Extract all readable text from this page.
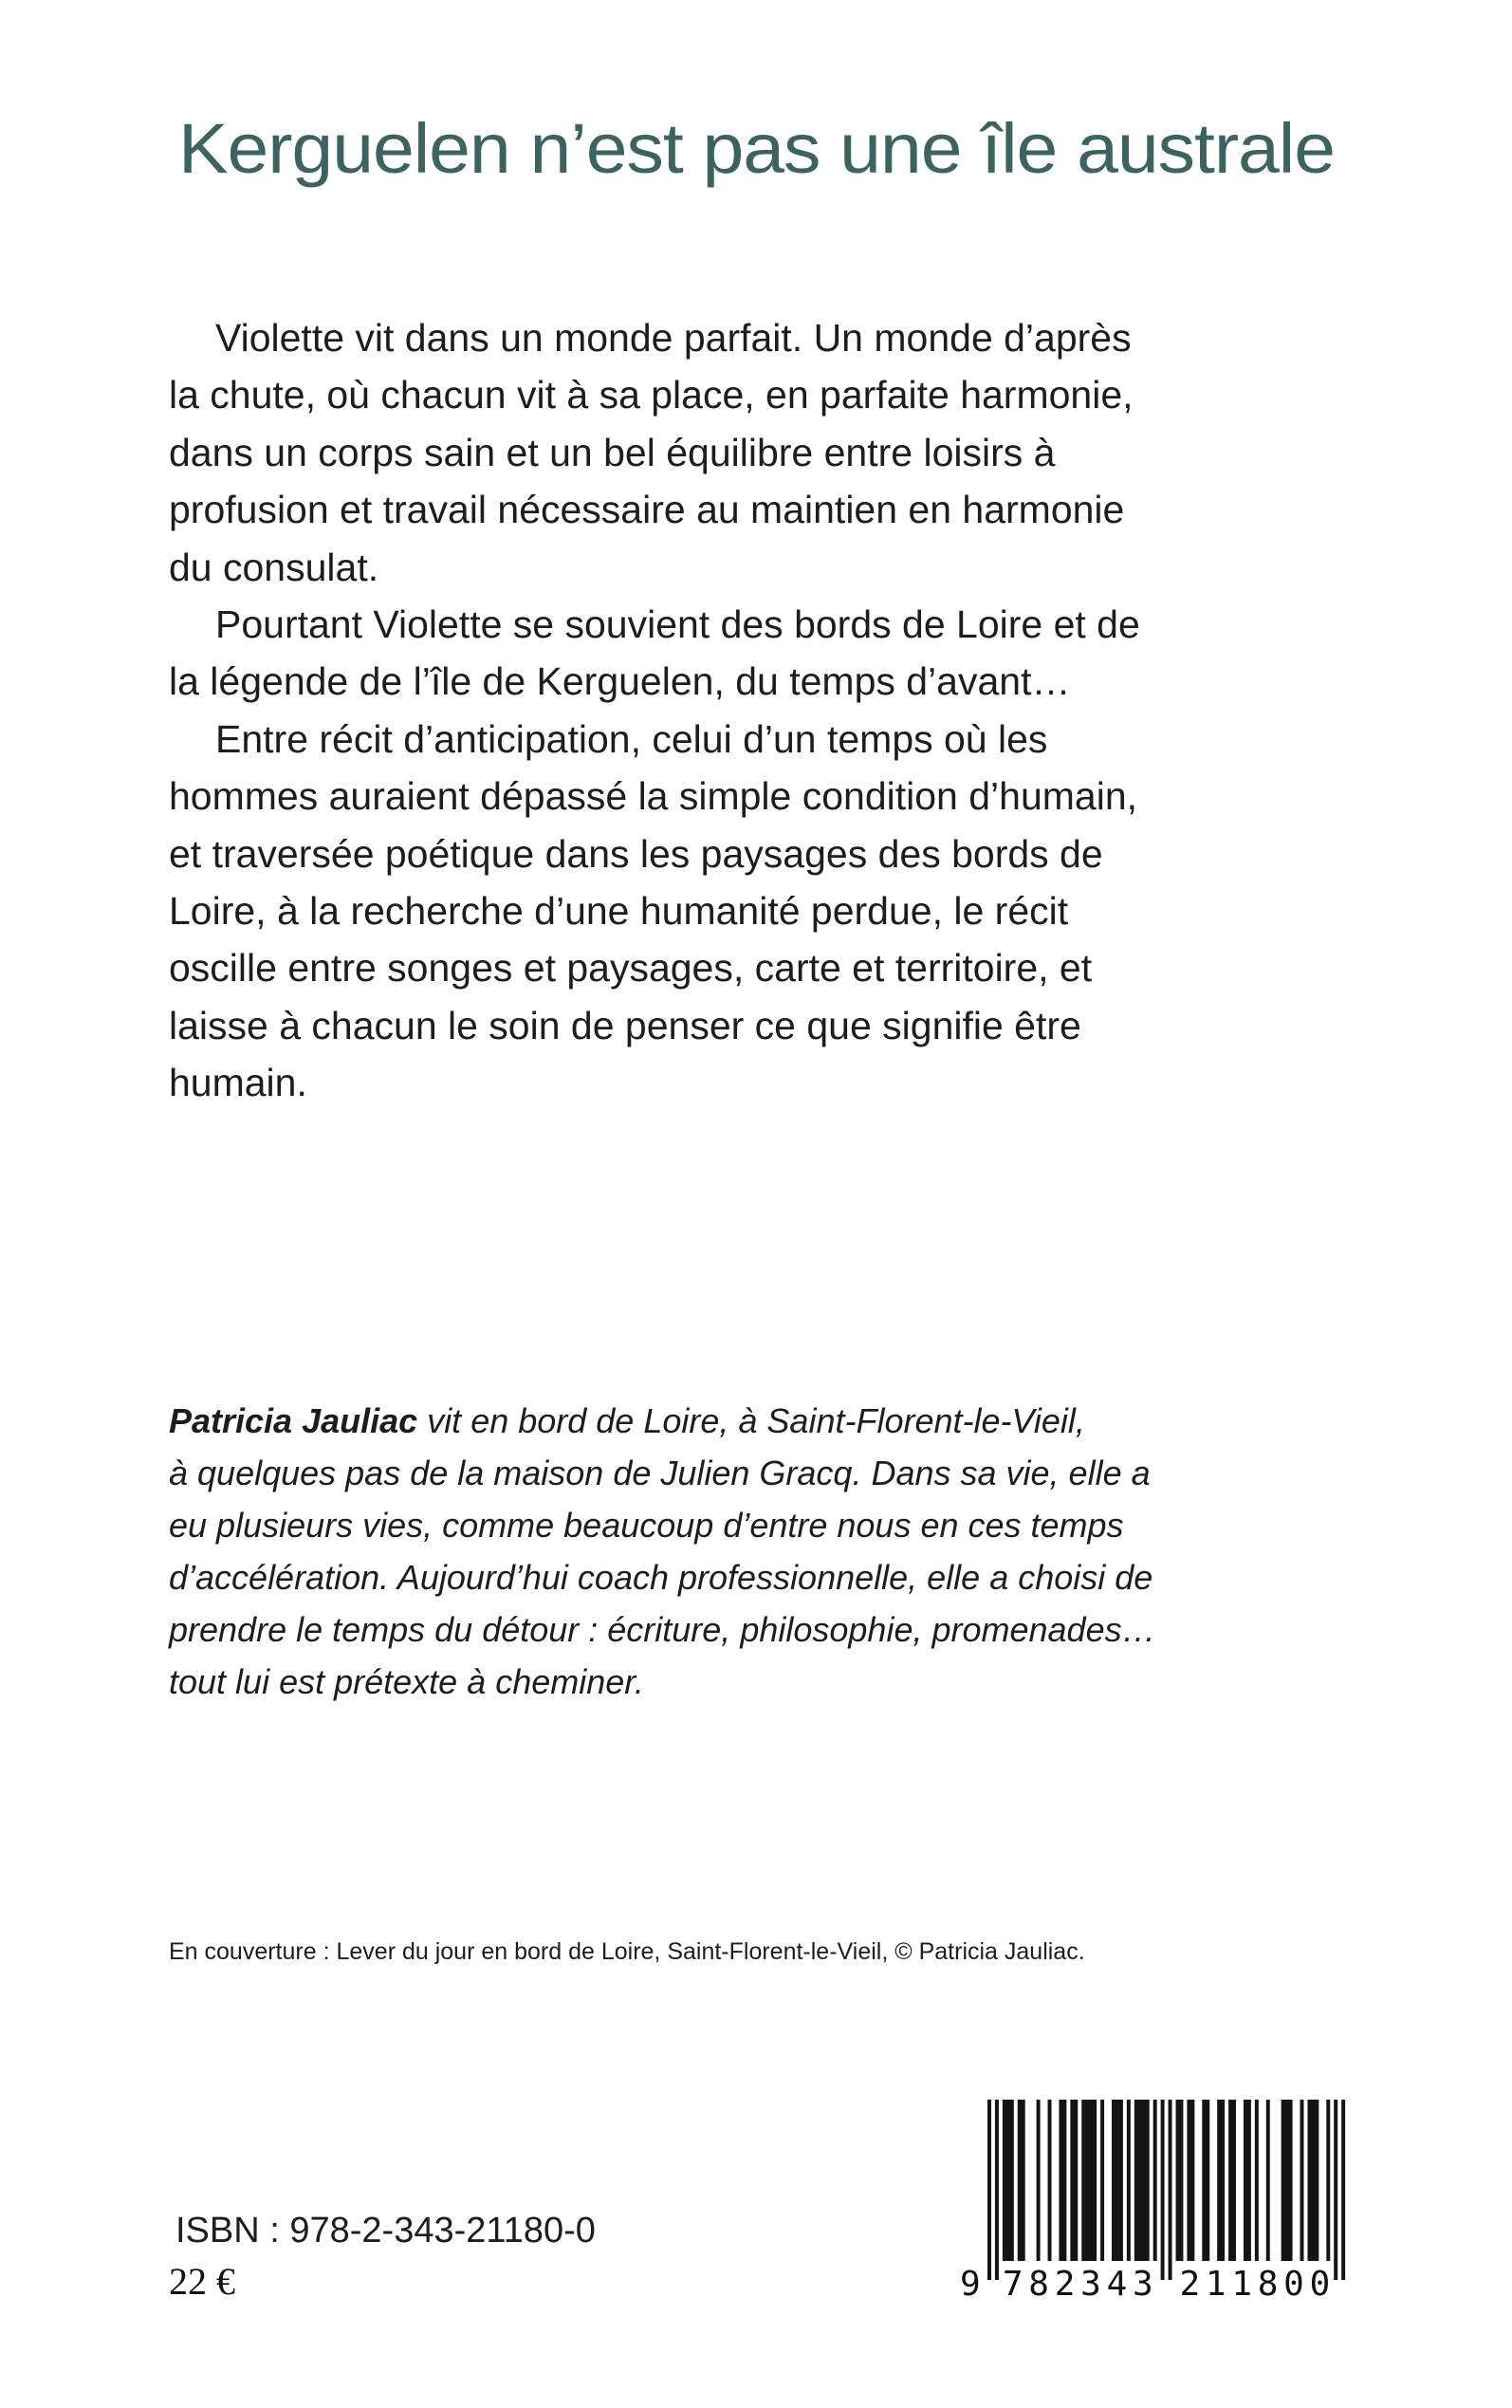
Kerguelen n’est pas une île australe
Violette vit dans un monde parfait. Un monde d’après
la chute, où chacun vit à sa place, en parfaite harmonie,
dans un corps sain et un bel équilibre entre loisirs à
profusion et travail nécessaire au maintien en harmonie
du consulat.
Pourtant Violette se souvient des bords de Loire et de
la légende de l’île de Kerguelen, du temps d’avant…
Entre récit d’anticipation, celui d’un temps où les
hommes auraient dépassé la simple condition d’humain,
et traversée poétique dans les paysages des bords de
Loire, à la recherche d’une humanité perdue, le récit
oscille entre songes et paysages, carte et territoire, et
laisse à chacun le soin de penser ce que signifie être
humain.
Patricia Jauliac vit en bord de Loire, à Saint-Florent-le-Vieil,
à quelques pas de la maison de Julien Gracq. Dans sa vie, elle a
eu plusieurs vies, comme beaucoup d’entre nous en ces temps
d’accélération. Aujourd’hui coach professionnelle, elle a choisi de
prendre le temps du détour : écriture, philosophie, promenades…
tout lui est prétexte à cheminer.
En couverture : Lever du jour en bord de Loire, Saint-Florent-le-Vieil, © Patricia Jauliac.
ISBN : 978-2-343-21180-0
22 €	9 782343 211800
